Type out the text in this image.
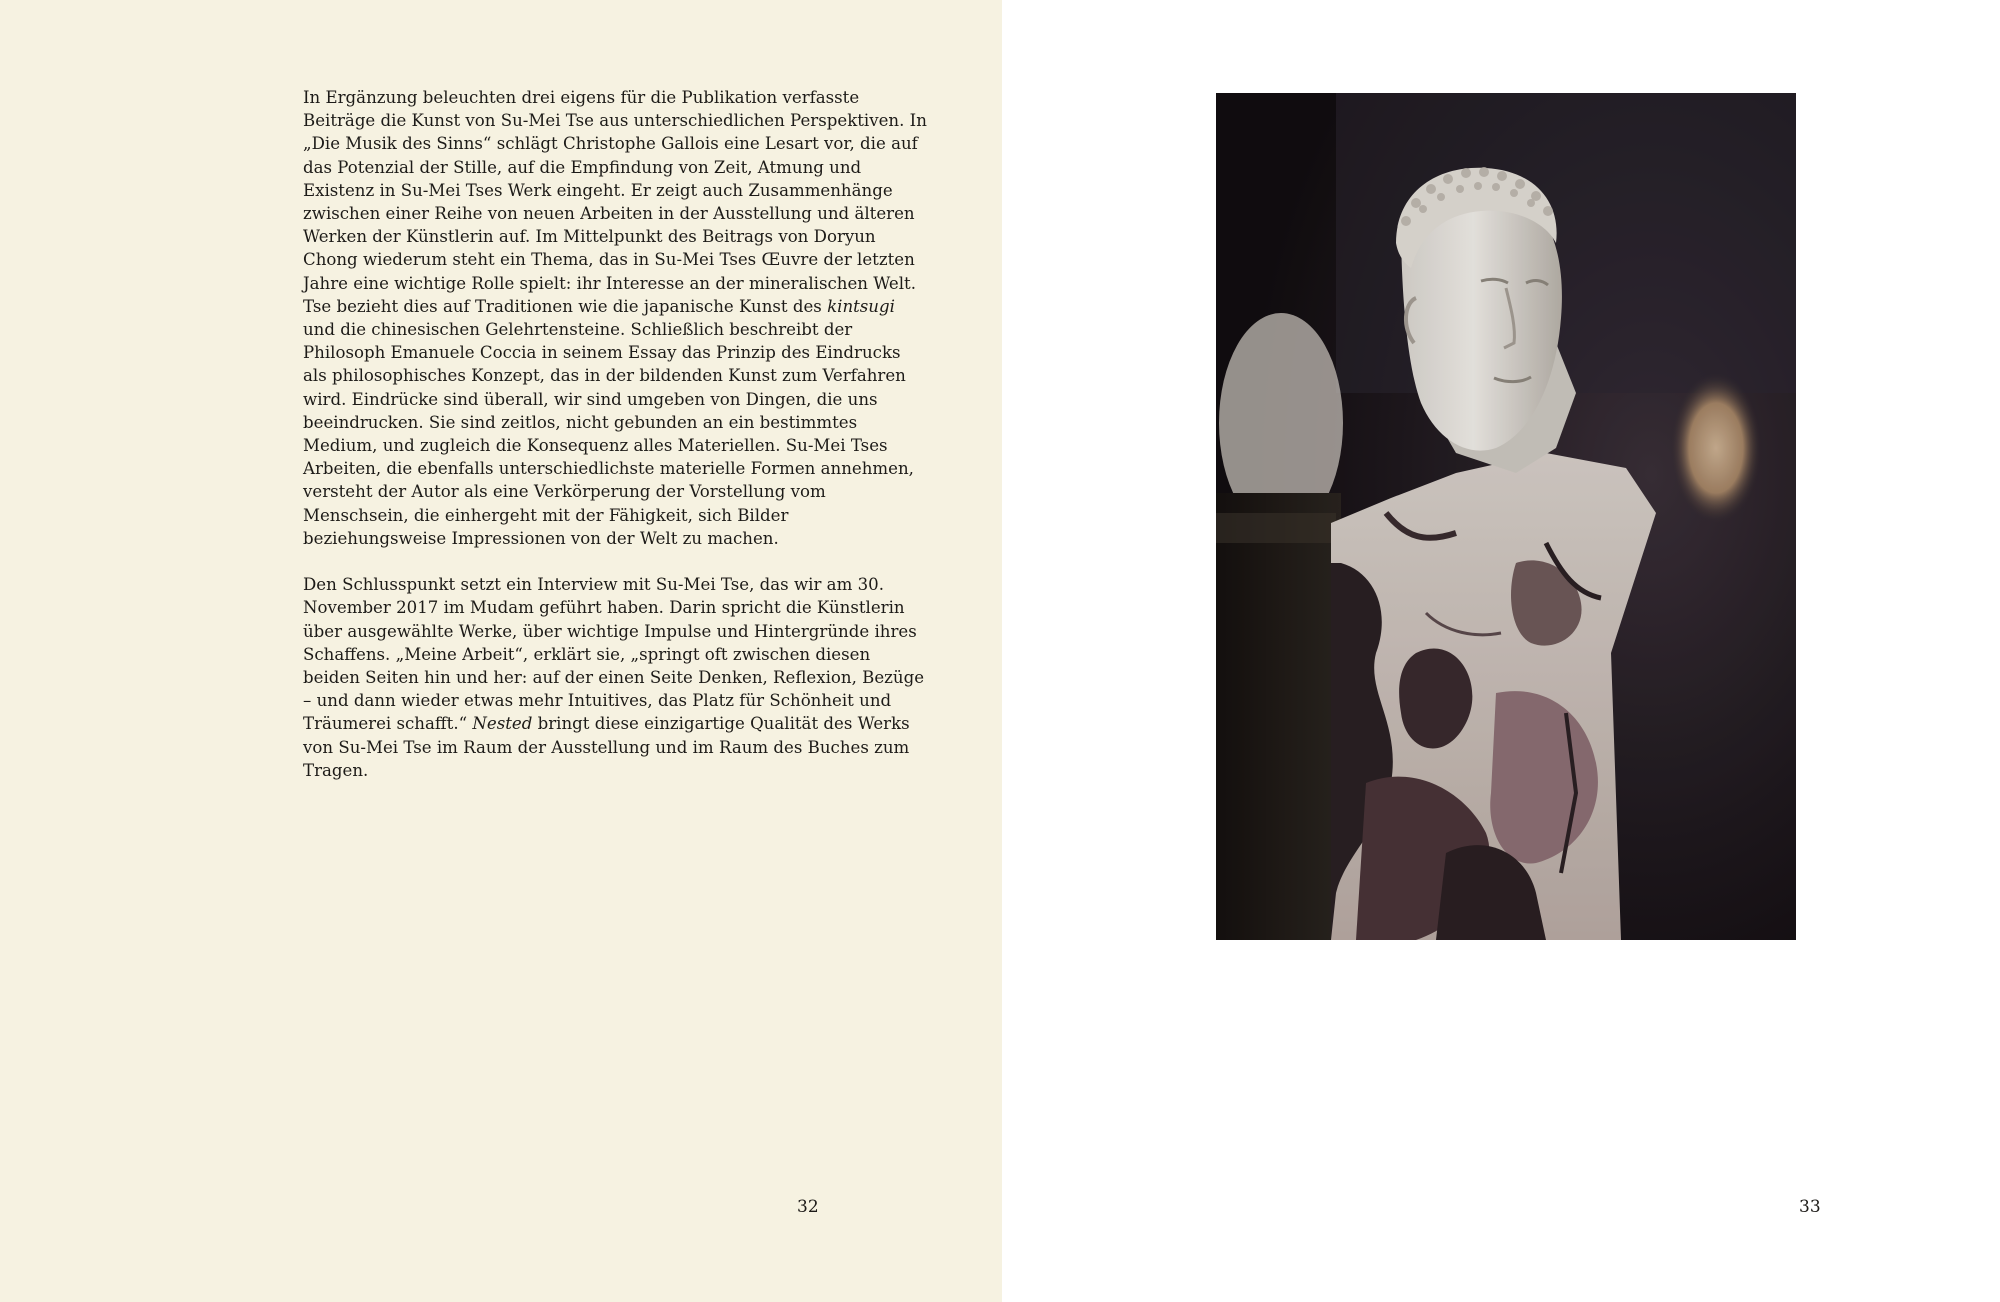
In Ergänzung beleuchten drei eigens für die Publikation verfasste Beiträge die Kunst von Su-Mei Tse aus unterschiedlichen Perspektiven. In „Die Musik des Sinns“ schlägt Christophe Gallois eine Lesart vor, die auf das Potenzial der Stille, auf die Empfindung von Zeit, Atmung und Existenz in Su-Mei Tses Werk eingeht. Er zeigt auch Zusammenhänge zwischen einer Reihe von neuen Arbeiten in der Ausstellung und älteren Werken der Künstlerin auf. Im Mittelpunkt des Beitrags von Doryun Chong wiederum steht ein Thema, das in Su-Mei Tses Œuvre der letzten Jahre eine wichtige Rolle spielt: ihr Interesse an der mineralischen Welt. Tse bezieht dies auf Traditionen wie die japanische Kunst des kintsugi und die chinesischen Gelehrtensteine. Schließlich beschreibt der Philosoph Emanuele Coccia in seinem Essay das Prinzip des Eindrucks als philosophisches Konzept, das in der bildenden Kunst zum Verfahren wird. Eindrücke sind überall, wir sind umgeben von Dingen, die uns beeindrucken. Sie sind zeitlos, nicht gebunden an ein bestimmtes Medium, und zugleich die Konsequenz alles Materiellen. Su-Mei Tses Arbeiten, die ebenfalls unterschiedlichste materielle Formen annehmen, versteht der Autor als eine Verkörperung der Vorstellung vom Menschsein, die einhergeht mit der Fähigkeit, sich Bilder beziehungsweise Impressionen von der Welt zu machen.

Den Schlusspunkt setzt ein Interview mit Su-Mei Tse, das wir am 30. November 2017 im Mudam geführt haben. Darin spricht die Künstlerin über ausgewählte Werke, über wichtige Impulse und Hintergründe ihres Schaffens. „Meine Arbeit“, erklärt sie, „springt oft zwischen diesen beiden Seiten hin und her: auf der einen Seite Denken, Reflexion, Bezüge – und dann wieder etwas mehr Intuitives, das Platz für Schönheit und Träumerei schafft.“ Nested bringt diese einzigartige Qualität des Werks von Su-Mei Tse im Raum der Ausstellung und im Raum des Buches zum Tragen.

32	33
